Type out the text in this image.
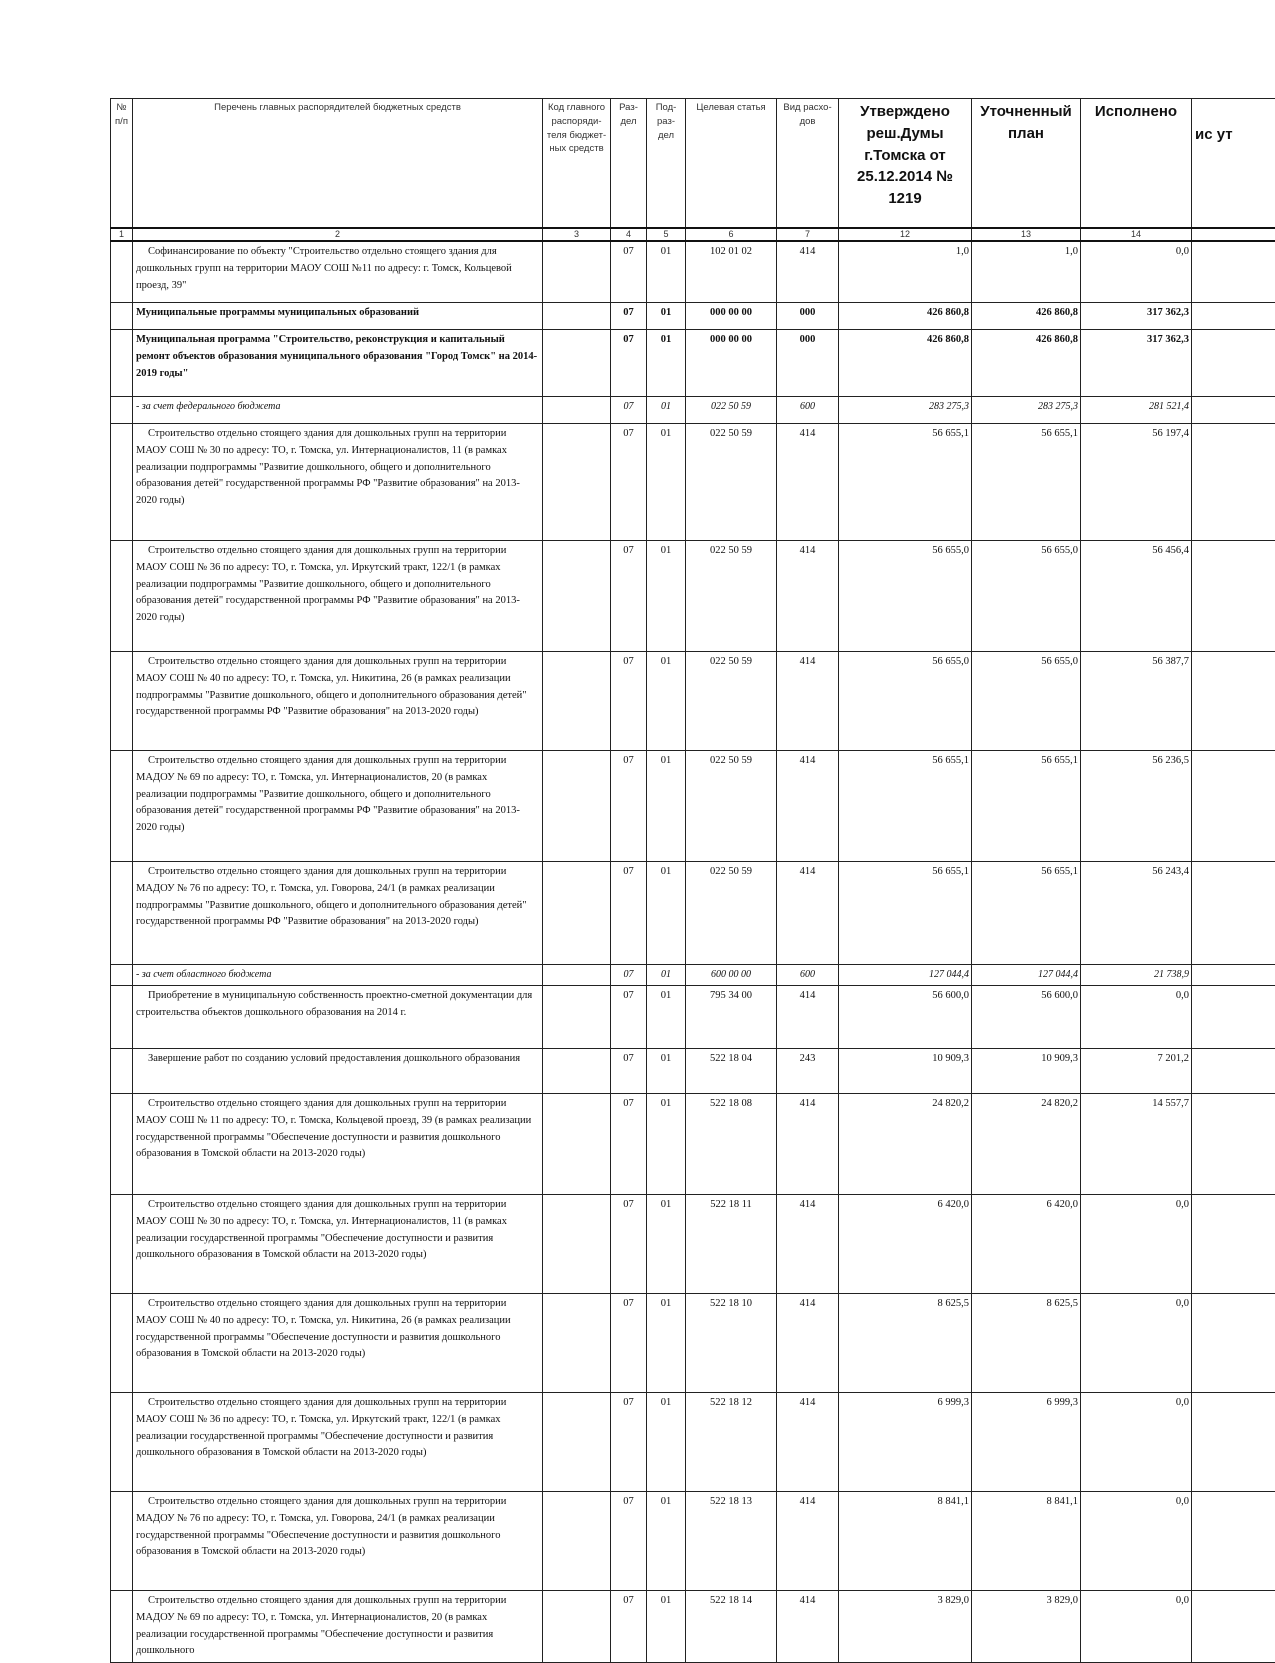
№ п/п	Перечень главных распорядителей бюджетных средств	Код главного распоряди-теля бюджет-ных средств	Раз-дел	Под-раз-дел	Целевая статья	Вид расхо-дов	Утверждено реш.Думы г.Томска от 25.12.2014 № 1219	Уточненный план	Исполнено	ис ут
1	2	3	4	5	6	7	12	13	14	
	Софинансирование по объекту "Строительство отдельно стоящего здания для дошкольных групп на территории МАОУ СОШ №11 по адресу: г. Томск, Кольцевой проезд, 39"		07	01	102 01 02	414	1,0	1,0	0,0	
	Муниципальные программы муниципальных образований		07	01	000 00 00	000	426 860,8	426 860,8	317 362,3	
	Муниципальная программа "Строительство, реконструкция и капитальный ремонт объектов образования муниципального образования "Город Томск" на 2014-2019 годы"		07	01	000 00 00	000	426 860,8	426 860,8	317 362,3	
	- за счет федерального бюджета		07	01	022 50 59	600	283 275,3	283 275,3	281 521,4	
	Строительство отдельно стоящего здания для дошкольных групп на территории МАОУ СОШ № 30 по адресу: ТО, г. Томска, ул. Интернационалистов, 11 (в рамках реализации подпрограммы "Развитие дошкольного, общего и дополнительного образования детей" государственной программы РФ "Развитие образования" на 2013-2020 годы)		07	01	022 50 59	414	56 655,1	56 655,1	56 197,4	
	Строительство отдельно стоящего здания для дошкольных групп на территории МАОУ СОШ № 36 по адресу: ТО, г. Томска, ул. Иркутский тракт, 122/1 (в рамках реализации подпрограммы "Развитие дошкольного, общего и дополнительного образования детей" государственной программы РФ "Развитие образования" на 2013-2020 годы)		07	01	022 50 59	414	56 655,0	56 655,0	56 456,4	
	Строительство отдельно стоящего здания для дошкольных групп на территории МАОУ СОШ № 40 по адресу: ТО, г. Томска, ул. Никитина, 26 (в рамках реализации подпрограммы "Развитие дошкольного, общего и дополнительного образования детей" государственной программы РФ "Развитие образования" на 2013-2020 годы)		07	01	022 50 59	414	56 655,0	56 655,0	56 387,7	
	Строительство отдельно стоящего здания для дошкольных групп на территории МАДОУ № 69 по адресу: ТО, г. Томска, ул. Интернационалистов, 20 (в рамках реализации подпрограммы "Развитие дошкольного, общего и дополнительного образования детей" государственной программы РФ "Развитие образования" на 2013-2020 годы)		07	01	022 50 59	414	56 655,1	56 655,1	56 236,5	
	Строительство отдельно стоящего здания для дошкольных групп на территории МАДОУ № 76 по адресу: ТО, г. Томска, ул. Говорова, 24/1 (в рамках реализации подпрограммы "Развитие дошкольного, общего и дополнительного образования детей" государственной программы РФ "Развитие образования" на 2013-2020 годы)		07	01	022 50 59	414	56 655,1	56 655,1	56 243,4	
	- за счет областного бюджета		07	01	600 00 00	600	127 044,4	127 044,4	21 738,9	
	Приобретение в муниципальную собственность проектно-сметной документации для строительства объектов дошкольного образования на 2014 г.		07	01	795 34 00	414	56 600,0	56 600,0	0,0	
	Завершение работ по созданию условий предоставления дошкольного образования		07	01	522 18 04	243	10 909,3	10 909,3	7 201,2	
	Строительство отдельно стоящего здания для дошкольных групп на территории МАОУ СОШ № 11 по адресу: ТО, г. Томска, Кольцевой проезд, 39 (в рамках реализации государственной программы "Обеспечение доступности и развития дошкольного образования в Томской области на 2013-2020 годы)		07	01	522 18 08	414	24 820,2	24 820,2	14 557,7	
	Строительство отдельно стоящего здания для дошкольных групп на территории МАОУ СОШ № 30 по адресу: ТО, г. Томска, ул. Интернационалистов, 11 (в рамках реализации государственной программы "Обеспечение доступности и развития дошкольного образования в Томской области на 2013-2020 годы)		07	01	522 18 11	414	6 420,0	6 420,0	0,0	
	Строительство отдельно стоящего здания для дошкольных групп на территории МАОУ СОШ № 40 по адресу: ТО, г. Томска, ул. Никитина, 26 (в рамках реализации государственной программы "Обеспечение доступности и развития дошкольного образования в Томской области на 2013-2020 годы)		07	01	522 18 10	414	8 625,5	8 625,5	0,0	
	Строительство отдельно стоящего здания для дошкольных групп на территории МАОУ СОШ № 36 по адресу: ТО, г. Томска, ул. Иркутский тракт, 122/1 (в рамках реализации государственной программы "Обеспечение доступности и развития дошкольного образования в Томской области на 2013-2020 годы)		07	01	522 18 12	414	6 999,3	6 999,3	0,0	
	Строительство отдельно стоящего здания для дошкольных групп на территории МАДОУ № 76 по адресу: ТО, г. Томска, ул. Говорова, 24/1 (в рамках реализации государственной программы "Обеспечение доступности и развития дошкольного образования в Томской области на 2013-2020 годы)		07	01	522 18 13	414	8 841,1	8 841,1	0,0	
	Строительство отдельно стоящего здания для дошкольных групп на территории МАДОУ № 69 по адресу: ТО, г. Томска, ул. Интернационалистов, 20 (в рамках реализации государственной программы "Обеспечение доступности и развития дошкольного		07	01	522 18 14	414	3 829,0	3 829,0	0,0	
